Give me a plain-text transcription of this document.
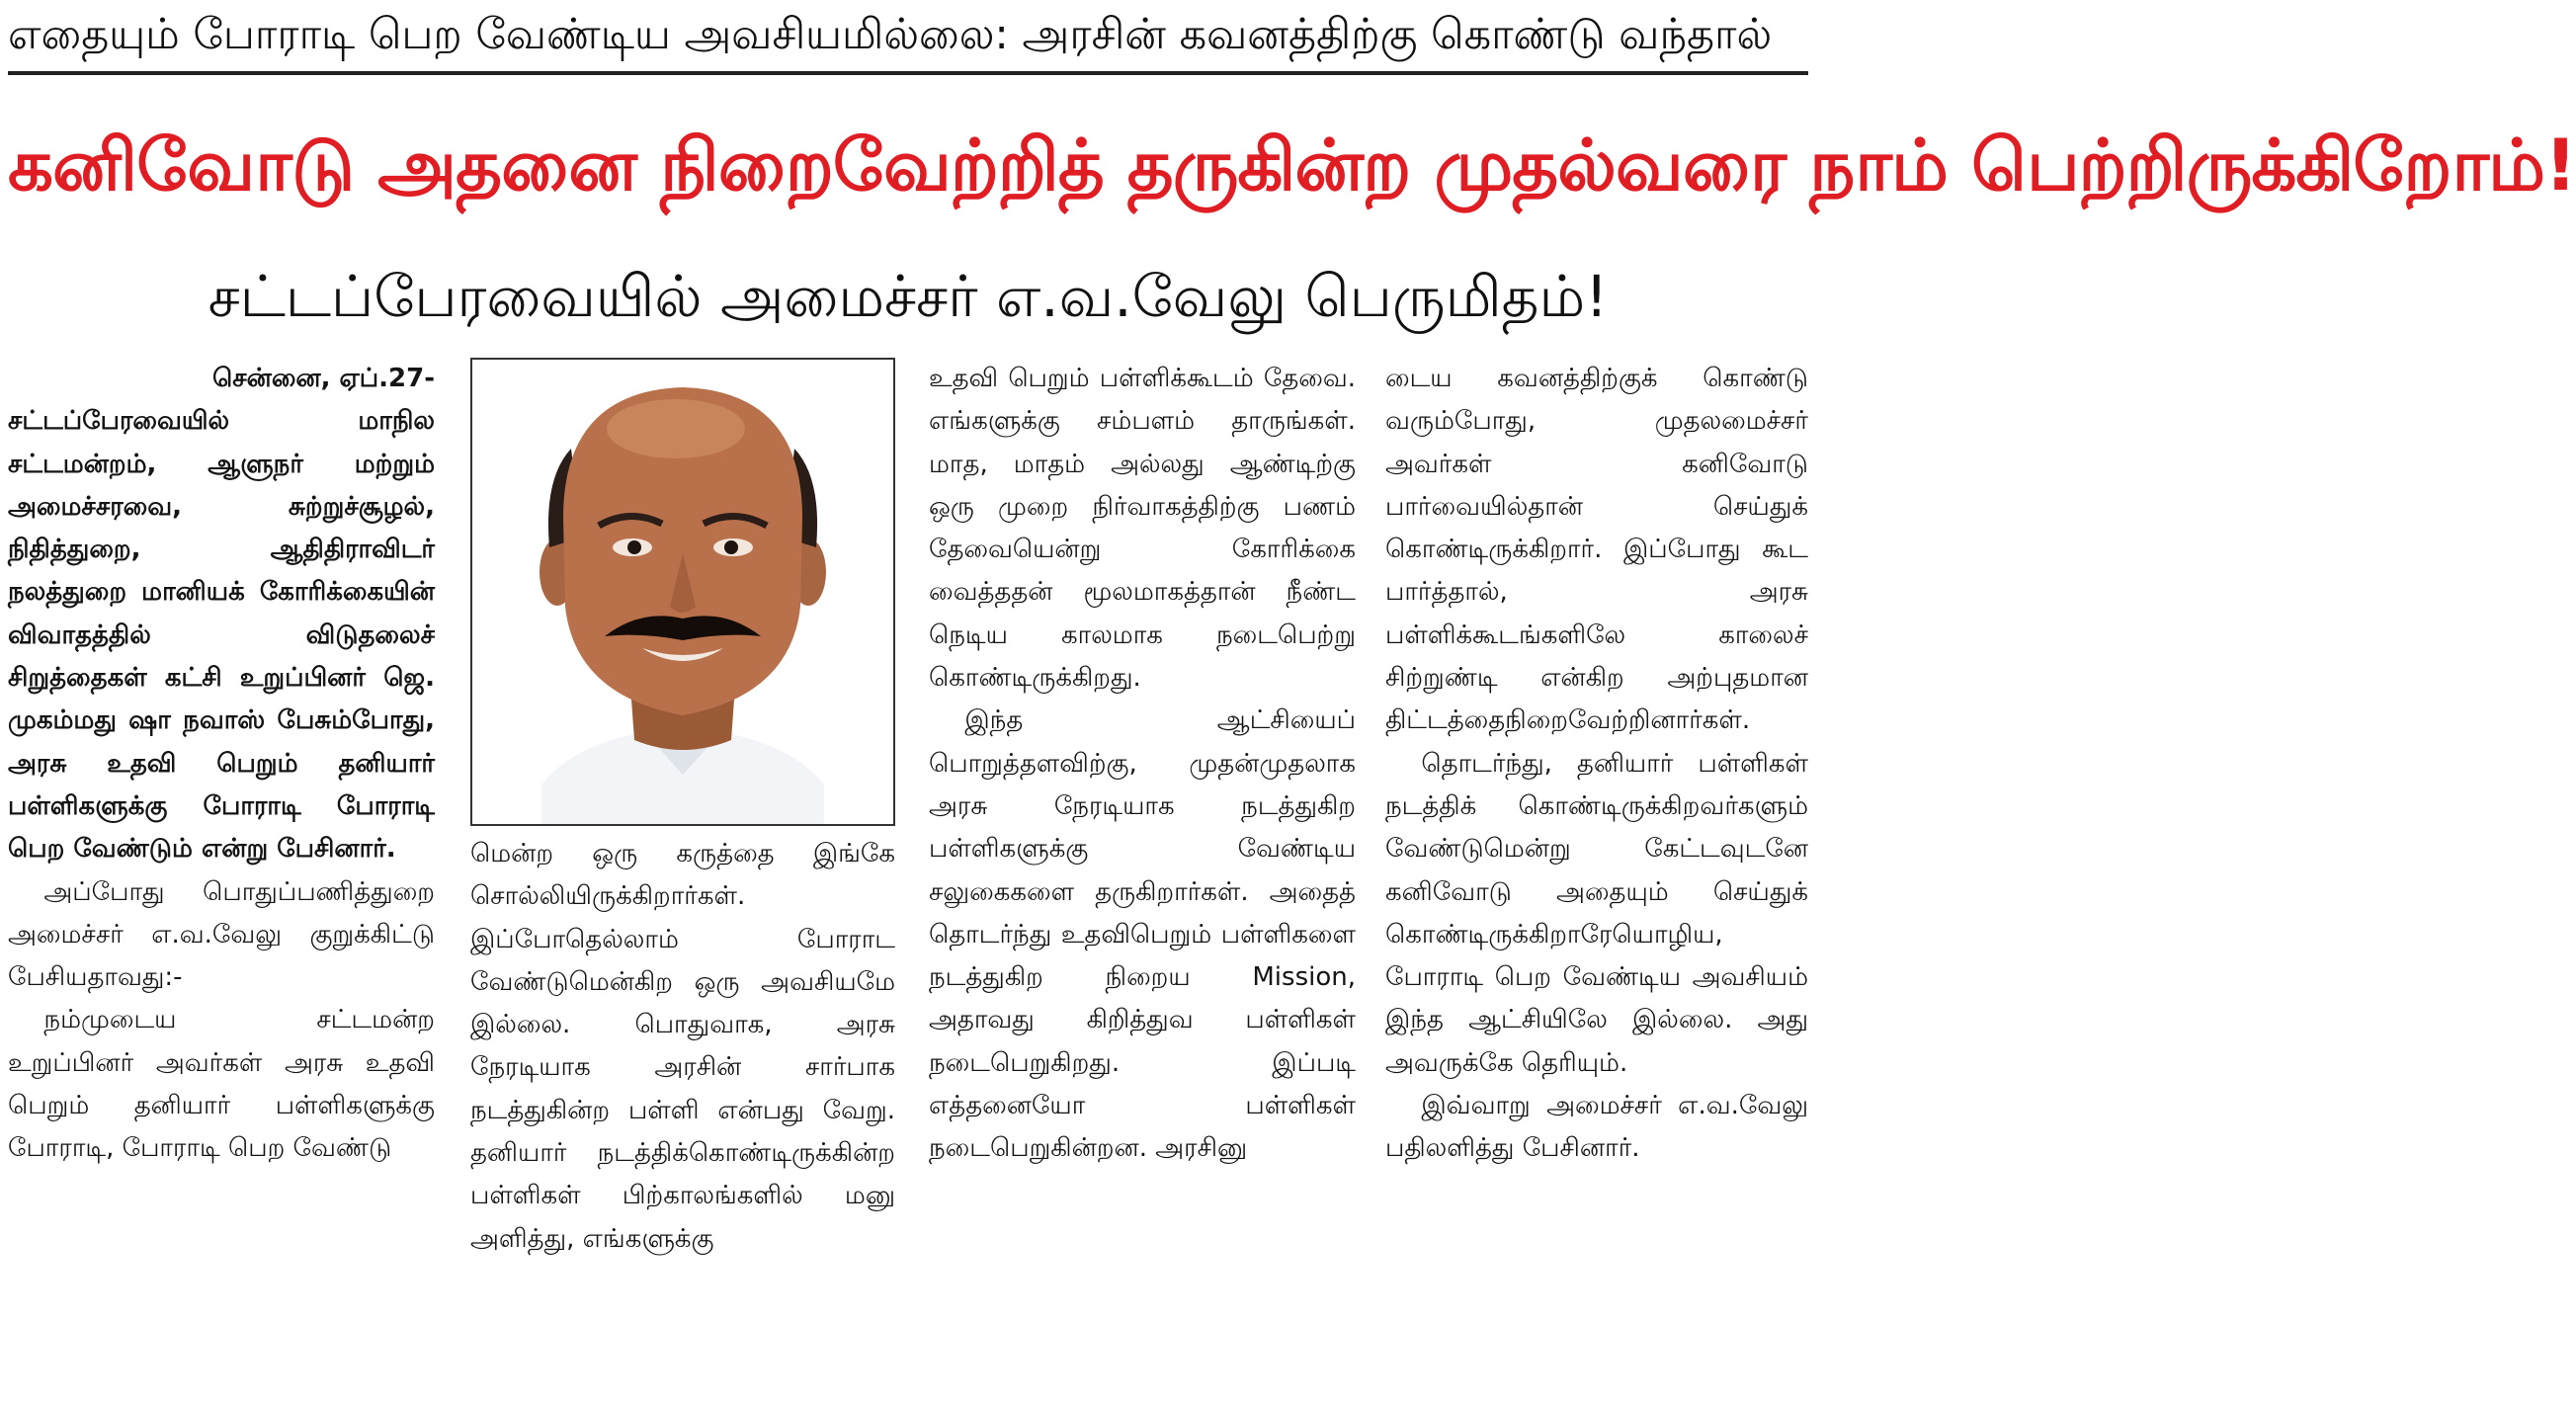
எதையும் போராடி பெற வேண்டிய அவசியமில்லை: அரசின் கவனத்திற்கு கொண்டு வந்தால்
கனிவோடு அதனை நிறைவேற்றித் தருகின்ற முதல்வரை நாம் பெற்றிருக்கிறோம்!
சட்டப்பேரவையில் அமைச்சர் எ.வ.வேலு பெருமிதம்!

சென்னை, ஏப்.27-

சட்டப்பேரவையில் மாநில சட்டமன்றம், ஆளுநர் மற்றும் அமைச்சரவை, சுற்றுச்சூழல், நிதித்துறை, ஆதிதிராவிடர் நலத்துறை மானியக் கோரிக்கையின் விவாதத்தில் விடுதலைச் சிறுத்தைகள் கட்சி உறுப்பினர் ஜெ. முகம்மது ஷா நவாஸ் பேசும்போது, அரசு உதவி பெறும் தனியார் பள்ளிகளுக்கு போராடி போராடி பெற வேண்டும் என்று பேசினார்.

அப்போது பொதுப்பணித்துறை அமைச்சர் எ.வ.வேலு குறுக்கிட்டு பேசியதாவது:-

நம்முடைய சட்டமன்ற உறுப்பினர் அவர்கள் அரசு உதவி பெறும் தனியார் பள்ளிகளுக்கு போராடி, போராடி பெற வேண்டு

மென்ற ஒரு கருத்தை இங்கே சொல்லியிருக்கிறார்கள். இப்போதெல்லாம் போராட வேண்டுமென்கிற ஒரு அவசியமே இல்லை. பொதுவாக, அரசு நேரடியாக அரசின் சார்பாக நடத்துகின்ற பள்ளி என்பது வேறு. தனியார் நடத்திக்கொண்டிருக்கின்ற பள்ளிகள் பிற்காலங்களில் மனு அளித்து, எங்களுக்கு

உதவி பெறும் பள்ளிக்கூடம் தேவை. எங்களுக்கு சம்பளம் தாருங்கள். மாத, மாதம் அல்லது ஆண்டிற்கு ஒரு முறை நிர்வாகத்திற்கு பணம் தேவையென்று கோரிக்கை வைத்ததன் மூலமாகத்தான் நீண்ட நெடிய காலமாக நடைபெற்று கொண்டிருக்கிறது.

இந்த ஆட்சியைப் பொறுத்தளவிற்கு, முதன்முதலாக அரசு நேரடியாக நடத்துகிற பள்ளிகளுக்கு வேண்டிய சலுகைகளை தருகிறார்கள். அதைத் தொடர்ந்து உதவிபெறும் பள்ளிகளை நடத்துகிற நிறைய Mission, அதாவது கிறித்துவ பள்ளிகள் நடைபெறுகிறது. இப்படி எத்தனையோ பள்ளிகள் நடைபெறுகின்றன. அரசினு

டைய கவனத்திற்குக் கொண்டு வரும்போது, முதலமைச்சர் அவர்கள் கனிவோடு பார்வையில்தான் செய்துக் கொண்டிருக்கிறார். இப்போது கூட பார்த்தால், அரசு பள்ளிக்கூடங்களிலே காலைச் சிற்றுண்டி என்கிற அற்புதமான திட்டத்தைநிறைவேற்றினார்கள்.

தொடர்ந்து, தனியார் பள்ளிகள் நடத்திக் கொண்டிருக்கிறவர்களும் வேண்டுமென்று கேட்டவுடனே கனிவோடு அதையும் செய்துக் கொண்டிருக்கிறாரேயொழிய, போராடி பெற வேண்டிய அவசியம் இந்த ஆட்சியிலே இல்லை. அது அவருக்கே தெரியும்.

இவ்வாறு அமைச்சர் எ.வ.வேலு பதிலளித்து பேசினார்.
